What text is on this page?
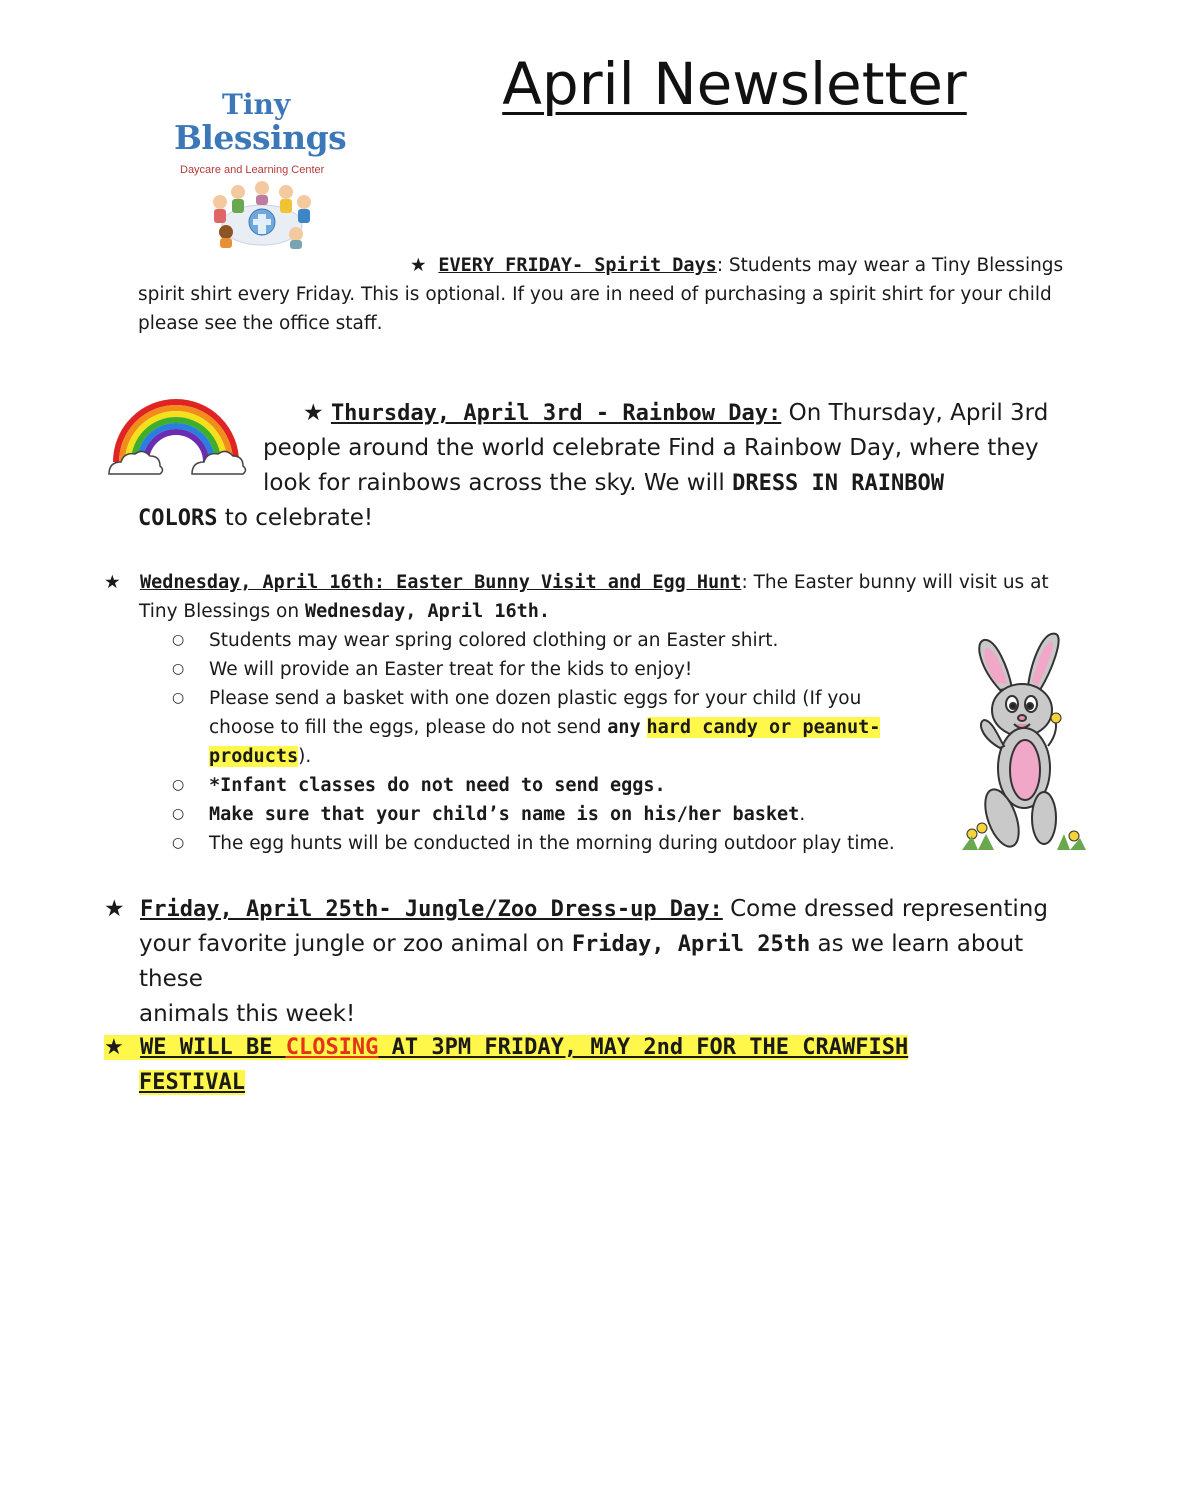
April Newsletter
Tiny
Blessings
Daycare and Learning Center
★ EVERY FRIDAY- Spirit Days: Students may wear a Tiny Blessings spirit shirt every Friday. This is optional. If you are in need of purchasing a spirit shirt for your child please see the office staff.
★ Thursday, April 3rd - Rainbow Day: On Thursday, April 3rd
people around the world celebrate Find a Rainbow Day, where they
look for rainbows across the sky. We will DRESS IN RAINBOW
COLORS to celebrate!
★ Wednesday, April 16th: Easter Bunny Visit and Egg Hunt: The Easter bunny will visit us at
Tiny Blessings on Wednesday, April 16th.
○ Students may wear spring colored clothing or an Easter shirt.
○ We will provide an Easter treat for the kids to enjoy!
○ Please send a basket with one dozen plastic eggs for your child (If you choose to fill the eggs, please do not send any hard candy or peanut-products).
○ *Infant classes do not need to send eggs.
○ Make sure that your child’s name is on his/her basket.
○ The egg hunts will be conducted in the morning during outdoor play time.
★ Friday, April 25th- Jungle/Zoo Dress-up Day: Come dressed representing
your favorite jungle or zoo animal on Friday, April 25th as we learn about these
animals this week!
★ WE WILL BE CLOSING AT 3PM FRIDAY, MAY 2nd FOR THE CRAWFISH
FESTIVAL
